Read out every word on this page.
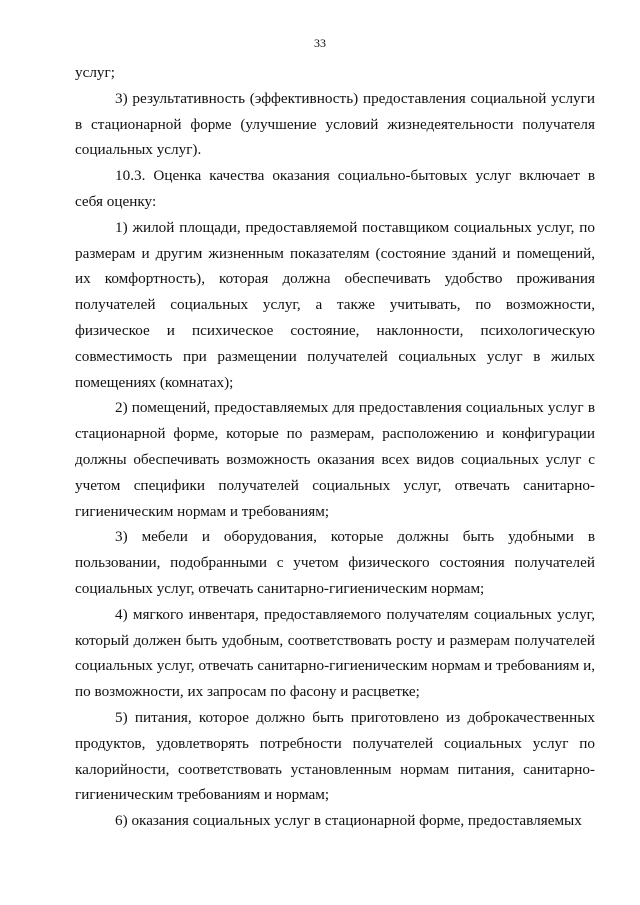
33

услуг;

3) результативность (эффективность) предоставления социальной услуги в стационарной форме (улучшение условий жизнедеятельности получателя социальных услуг).

10.3. Оценка качества оказания социально-бытовых услуг включает в себя оценку:

1) жилой площади, предоставляемой поставщиком социальных услуг, по размерам и другим жизненным показателям (состояние зданий и помещений, их комфортность), которая должна обеспечивать удобство проживания получателей социальных услуг, а также учитывать, по возможности, физическое и психическое состояние, наклонности, психологическую совместимость при размещении получателей социальных услуг в жилых помещениях (комнатах);

2) помещений, предоставляемых для предоставления социальных услуг в стационарной форме, которые по размерам, расположению и конфигурации должны обеспечивать возможность оказания всех видов социальных услуг с учетом специфики получателей социальных услуг, отвечать санитарно-гигиеническим нормам и требованиям;

3) мебели и оборудования, которые должны быть удобными в пользовании, подобранными с учетом физического состояния получателей социальных услуг, отвечать санитарно-гигиеническим нормам;

4) мягкого инвентаря, предоставляемого получателям социальных услуг, который должен быть удобным, соответствовать росту и размерам получателей социальных услуг, отвечать санитарно-гигиеническим нормам и требованиям и, по возможности, их запросам по фасону и расцветке;

5) питания, которое должно быть приготовлено из доброкачественных продуктов, удовлетворять потребности получателей социальных услуг по калорийности, соответствовать установленным нормам питания, санитарно-гигиеническим требованиям и нормам;

6) оказания социальных услуг в стационарной форме, предоставляемых
